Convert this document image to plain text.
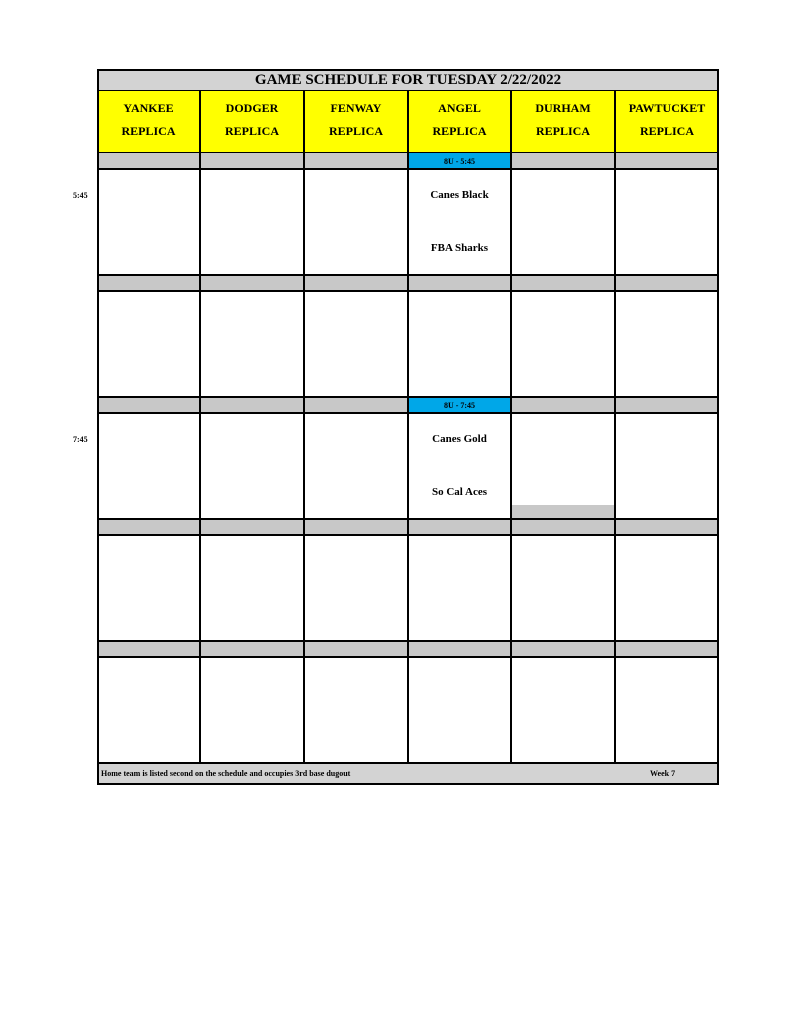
GAME SCHEDULE FOR TUESDAY 2/22/2022
YANKEE
REPLICA
DODGER
REPLICA
FENWAY
REPLICA
ANGEL
REPLICA
DURHAM
REPLICA
PAWTUCKET
REPLICA
8U - 5:45
Canes Black
FBA Sharks
8U - 7:45
Canes Gold
So Cal Aces
Home team is listed second on the schedule and occupies 3rd base dugout	Week 7
5:45
7:45
